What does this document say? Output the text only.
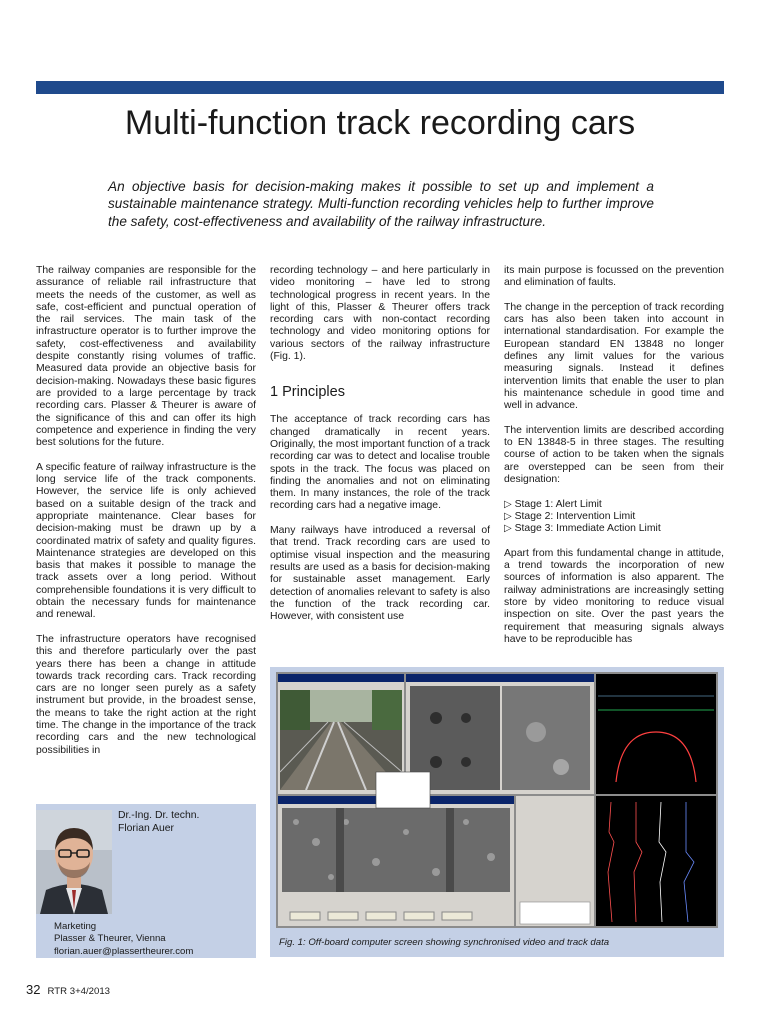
Multi-function track recording cars

An objective basis for decision-making makes it possible to set up and implement a sustainable maintenance strategy. Multi-function recording vehicles help to further improve the safety, cost-effectiveness and availability of the railway infrastructure.

The railway companies are responsible for the assurance of reliable rail infrastructure that meets the needs of the customer, as well as safe, cost-efficient and punctual operation of the rail services. The main task of the infrastructure operator is to further improve the safety, cost-effectiveness and availability despite constantly rising volumes of traffic. Measured data provide an objective basis for decision-making. Nowadays these basic figures are provided to a large percentage by track recording cars. Plasser & Theurer is aware of the significance of this and can offer its high competence and experience in finding the very best solutions for the future.

A specific feature of railway infrastructure is the long service life of the track components. However, the service life is only achieved based on a suitable design of the track and appropriate maintenance. Clear bases for decision-making must be drawn up by a coordinated matrix of safety and quality figures. Maintenance strategies are developed on this basis that makes it possible to manage the track assets over a long period. Without comprehensible foundations it is very difficult to obtain the necessary funds for maintenance and renewal.

The infrastructure operators have recognised this and therefore particularly over the past years there has been a change in attitude towards track recording cars. Track recording cars are no longer seen purely as a safety instrument but provide, in the broadest sense, the means to take the right action at the right time. The change in the importance of the track recording cars and the new technological possibilities in

recording technology – and here particularly in video monitoring – have led to strong technological progress in recent years. In the light of this, Plasser & Theurer offers track recording cars with non-contact recording technology and video monitoring options for various sectors of the railway infrastructure (Fig. 1).

1 Principles

The acceptance of track recording cars has changed dramatically in recent years. Originally, the most important function of a track recording car was to detect and localise trouble spots in the track. The focus was placed on finding the anomalies and not on eliminating them. In many instances, the role of the track recording cars had a negative image.

Many railways have introduced a reversal of that trend. Track recording cars are used to optimise visual inspection and the measuring results are used as a basis for decision-making for sustainable asset management. Early detection of anomalies relevant to safety is also the function of the track recording car. However, with consistent use

its main purpose is focussed on the prevention and elimination of faults.

The change in the perception of track recording cars has also been taken into account in international standardisation. For example the European standard EN 13848 no longer defines any limit values for the various measuring signals. Instead it defines intervention limits that enable the user to plan his maintenance schedule in good time and well in advance.

The intervention limits are described according to EN 13848-5 in three stages. The resulting course of action to be taken when the signals are overstepped can be seen from their designation:

▷ Stage 1: Alert Limit
▷ Stage 2: Intervention Limit
▷ Stage 3: Immediate Action Limit

Apart from this fundamental change in attitude, a trend towards the incorporation of new sources of information is also apparent. The railway administrations are increasingly setting store by video monitoring to reduce visual inspection on site. Over the past years the requirement that measuring signals always have to be reproducible has

Dr.-Ing. Dr. techn.
Florian Auer
Marketing
Plasser & Theurer, Vienna
florian.auer@plassertheurer.com
Fig. 1: Off-board computer screen showing synchronised video and track data
32 RTR 3+4/2013
